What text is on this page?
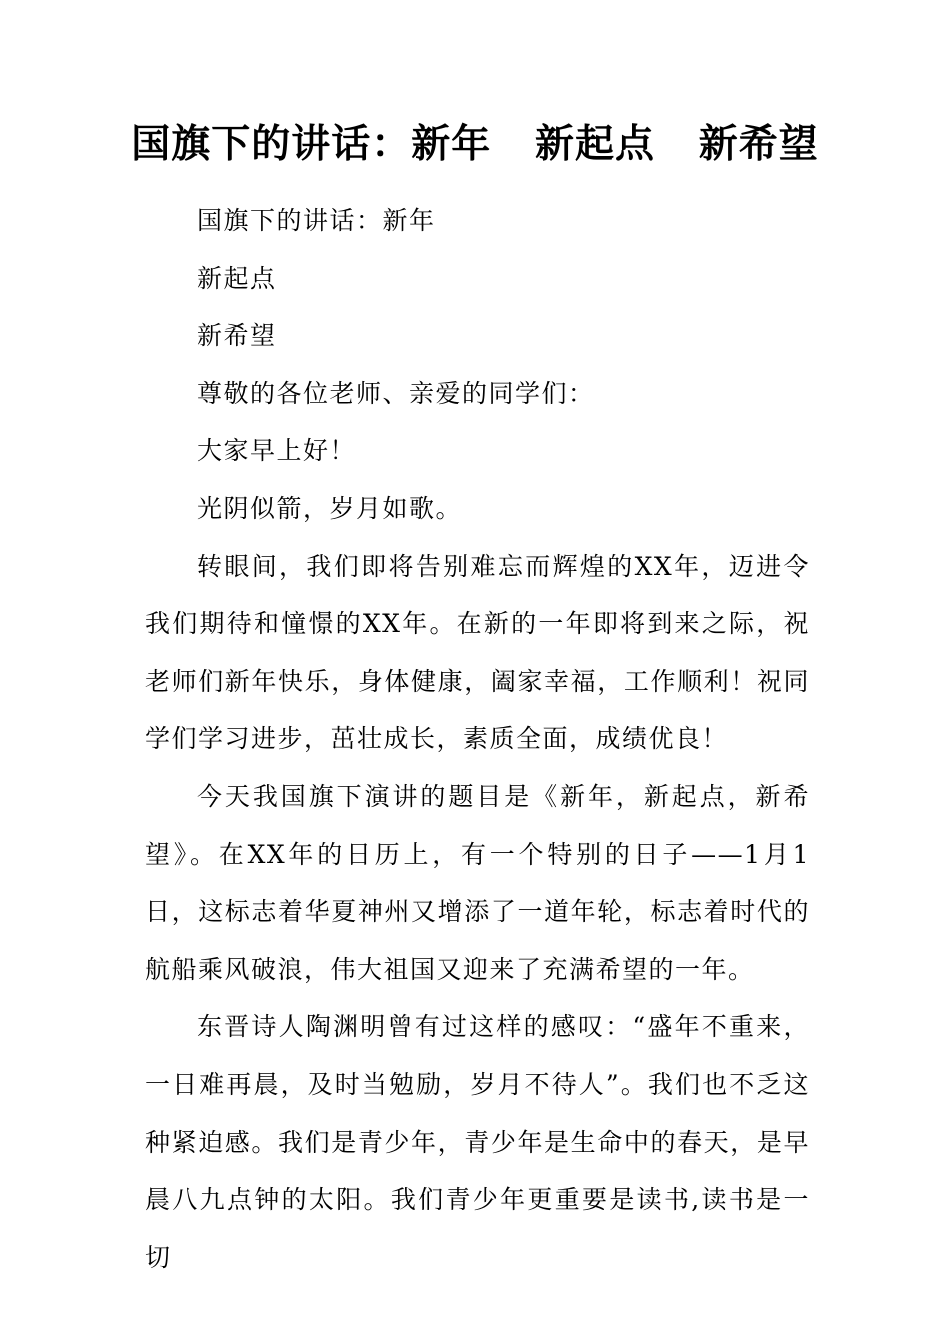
国旗下的讲话：新年   新起点   新希望

国旗下的讲话：新年

新起点

新希望

尊敬的各位老师、亲爱的同学们：

大家早上好！

光阴似箭，岁月如歌。

转眼间，我们即将告别难忘而辉煌的XX年，迈进令我们期待和憧憬的XX年。在新的一年即将到来之际，祝老师们新年快乐，身体健康，阖家幸福，工作顺利！祝同学们学习进步，茁壮成长，素质全面，成绩优良！

今天我国旗下演讲的题目是《新年，新起点，新希望》。在XX年的日历上，有一个特别的日子——1月1日，这标志着华夏神州又增添了一道年轮，标志着时代的航船乘风破浪，伟大祖国又迎来了充满希望的一年。

东晋诗人陶渊明曾有过这样的感叹：“盛年不重来，一日难再晨，及时当勉励，岁月不待人”。我们也不乏这种紧迫感。我们是青少年，青少年是生命中的春天，是早晨八九点钟的太阳。我们青少年更重要是读书,读书是一切
